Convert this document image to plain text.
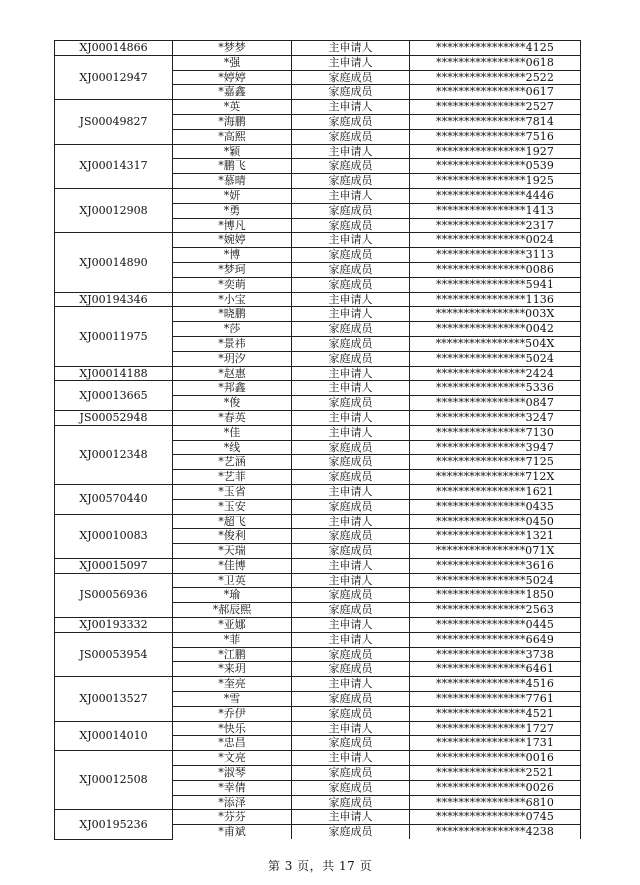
XJ00014866	*梦梦	主申请人	****************4125
XJ00012947	*强	主申请人	****************0618
	*婷婷	家庭成员	****************2522
	*嘉鑫	家庭成员	****************0617
JS00049827	*英	主申请人	****************2527
	*海鹏	家庭成员	****************7814
	*高熙	家庭成员	****************7516
XJ00014317	*颖	主申请人	****************1927
	*鹏飞	家庭成员	****************0539
	*慕晴	家庭成员	****************1925
XJ00012908	*妍	主申请人	****************4446
	*勇	家庭成员	****************1413
	*博凡	家庭成员	****************2317
XJ00014890	*婉婷	主申请人	****************0024
	*博	家庭成员	****************3113
	*梦珂	家庭成员	****************0086
	*奕萌	家庭成员	****************5941
XJ00194346	*小宝	主申请人	****************1136
XJ00011975	*晓鹏	主申请人	****************003X
	*莎	家庭成员	****************0042
	*景祎	家庭成员	****************504X
	*玥汐	家庭成员	****************5024
XJ00014188	*赵惠	主申请人	****************2424
XJ00013665	*邦鑫	主申请人	****************5336
	*俊	家庭成员	****************0847
JS00052948	*春英	主申请人	****************3247
XJ00012348	*佳	主申请人	****************7130
	*线	家庭成员	****************3947
	*艺涵	家庭成员	****************7125
	*艺菲	家庭成员	****************712X
XJ00570440	*玉省	主申请人	****************1621
	*玉安	家庭成员	****************0435
XJ00010083	*超飞	主申请人	****************0450
	*俊利	家庭成员	****************1321
	*天瑞	家庭成员	****************071X
XJ00015097	*佳博	主申请人	****************3616
JS00056936	*卫英	主申请人	****************5024
	*瑜	家庭成员	****************1850
	*郝辰熙	家庭成员	****************2563
XJ00193332	*亚娜	主申请人	****************0445
JS00053954	*菲	主申请人	****************6649
	*江鹏	家庭成员	****************3738
	*来玥	家庭成员	****************6461
XJ00013527	*奎亮	主申请人	****************4516
	*雪	家庭成员	****************7761
	*乔伊	家庭成员	****************4521
XJ00014010	*快乐	主申请人	****************1727
	*忠昌	家庭成员	****************1731
XJ00012508	*文亮	主申请人	****************0016
	*淑琴	家庭成员	****************2521
	*幸倩	家庭成员	****************0026
	*添泽	家庭成员	****************6810
XJ00195236	*芬芬	主申请人	****************0745
	*甫斌	家庭成员	****************4238
第 3 页，共 17 页
